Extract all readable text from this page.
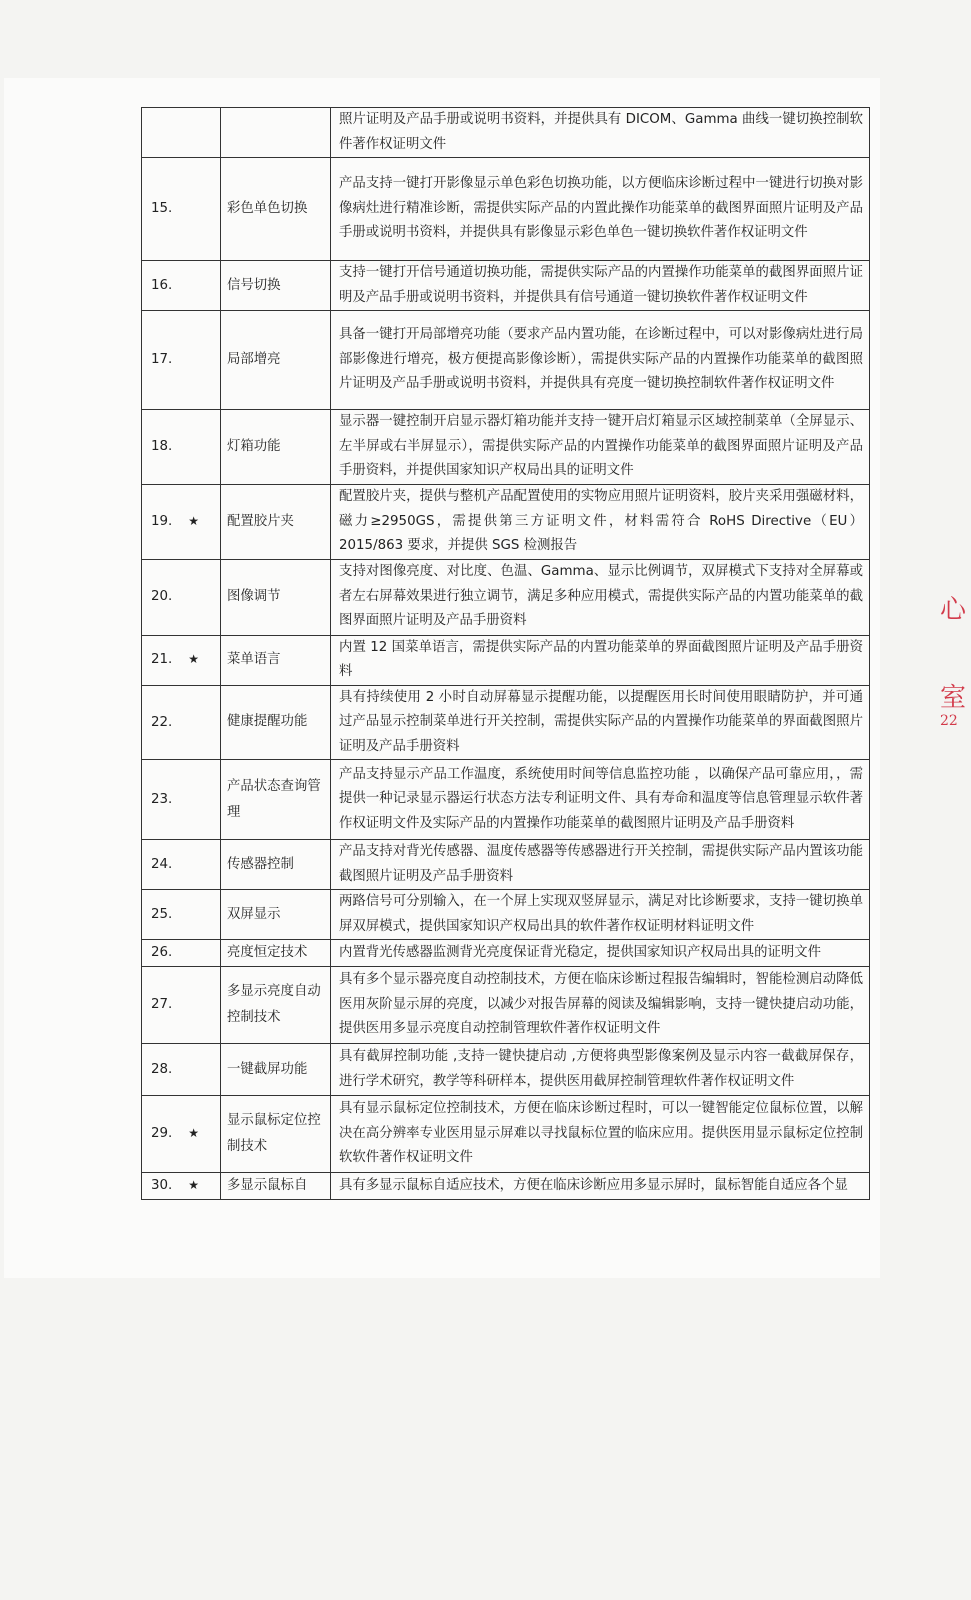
		照片证明及产品手册或说明书资料，并提供具有 DICOM、Gamma 曲线一键切换控制软件著作权证明文件
15.	彩色单色切换	产品支持一键打开影像显示单色彩色切换功能，以方便临床诊断过程中一键进行切换对影像病灶进行精准诊断，需提供实际产品的内置此操作功能菜单的截图界面照片证明及产品手册或说明书资料，并提供具有影像显示彩色单色一键切换软件著作权证明文件
16.	信号切换	支持一键打开信号通道切换功能，需提供实际产品的内置操作功能菜单的截图界面照片证明及产品手册或说明书资料，并提供具有信号通道一键切换软件著作权证明文件
17.	局部增亮	具备一键打开局部增亮功能（要求产品内置功能，在诊断过程中，可以对影像病灶进行局部影像进行增亮，极方便提高影像诊断），需提供实际产品的内置操作功能菜单的截图照片证明及产品手册或说明书资料，并提供具有亮度一键切换控制软件著作权证明文件
18.	灯箱功能	显示器一键控制开启显示器灯箱功能并支持一键开启灯箱显示区域控制菜单（全屏显示、左半屏或右半屏显示），需提供实际产品的内置操作功能菜单的截图界面照片证明及产品手册资料，并提供国家知识产权局出具的证明文件
19. ★	配置胶片夹	配置胶片夹，提供与整机产品配置使用的实物应用照片证明资料，胶片夹采用强磁材料，磁力≥2950GS，需提供第三方证明文件，材料需符合 RoHS Directive（EU）2015/863 要求，并提供 SGS 检测报告
20.	图像调节	支持对图像亮度、对比度、色温、Gamma、显示比例调节，双屏模式下支持对全屏幕或者左右屏幕效果进行独立调节，满足多种应用模式，需提供实际产品的内置功能菜单的截图界面照片证明及产品手册资料
21. ★	菜单语言	内置 12 国菜单语言，需提供实际产品的内置功能菜单的界面截图照片证明及产品手册资料
22.	健康提醒功能	具有持续使用 2 小时自动屏幕显示提醒功能，以提醒医用长时间使用眼睛防护，并可通过产品显示控制菜单进行开关控制，需提供实际产品的内置操作功能菜单的界面截图照片证明及产品手册资料
23.	产品状态查询管理	产品支持显示产品工作温度，系统使用时间等信息监控功能 ，以确保产品可靠应用，，需提供一种记录显示器运行状态方法专利证明文件、具有寿命和温度等信息管理显示软件著作权证明文件及实际产品的内置操作功能菜单的截图照片证明及产品手册资料
24.	传感器控制	产品支持对背光传感器、温度传感器等传感器进行开关控制，需提供实际产品内置该功能截图照片证明及产品手册资料
25.	双屏显示	两路信号可分别输入，在一个屏上实现双竖屏显示，满足对比诊断要求，支持一键切换单屏双屏模式，提供国家知识产权局出具的软件著作权证明材料证明文件
26.	亮度恒定技术	内置背光传感器监测背光亮度保证背光稳定，提供国家知识产权局出具的证明文件
27.	多显示亮度自动控制技术	具有多个显示器亮度自动控制技术，方便在临床诊断过程报告编辑时，智能检测启动降低医用灰阶显示屏的亮度，以减少对报告屏幕的阅读及编辑影响，支持一键快捷启动功能，提供医用多显示亮度自动控制管理软件著作权证明文件
28.	一键截屏功能	具有截屏控制功能 ,支持一键快捷启动 ,方便将典型影像案例及显示内容一截截屏保存，进行学术研究，教学等科研样本，提供医用截屏控制管理软件著作权证明文件
29. ★	显示鼠标定位控制技术	具有显示鼠标定位控制技术，方便在临床诊断过程时，可以一键智能定位鼠标位置，以解决在高分辨率专业医用显示屏难以寻找鼠标位置的临床应用。提供医用显示鼠标定位控制软软件著作权证明文件
30. ★	多显示鼠标自	具有多显示鼠标自适应技术，方便在临床诊断应用多显示屏时，鼠标智能自适应各个显
心
室
22
